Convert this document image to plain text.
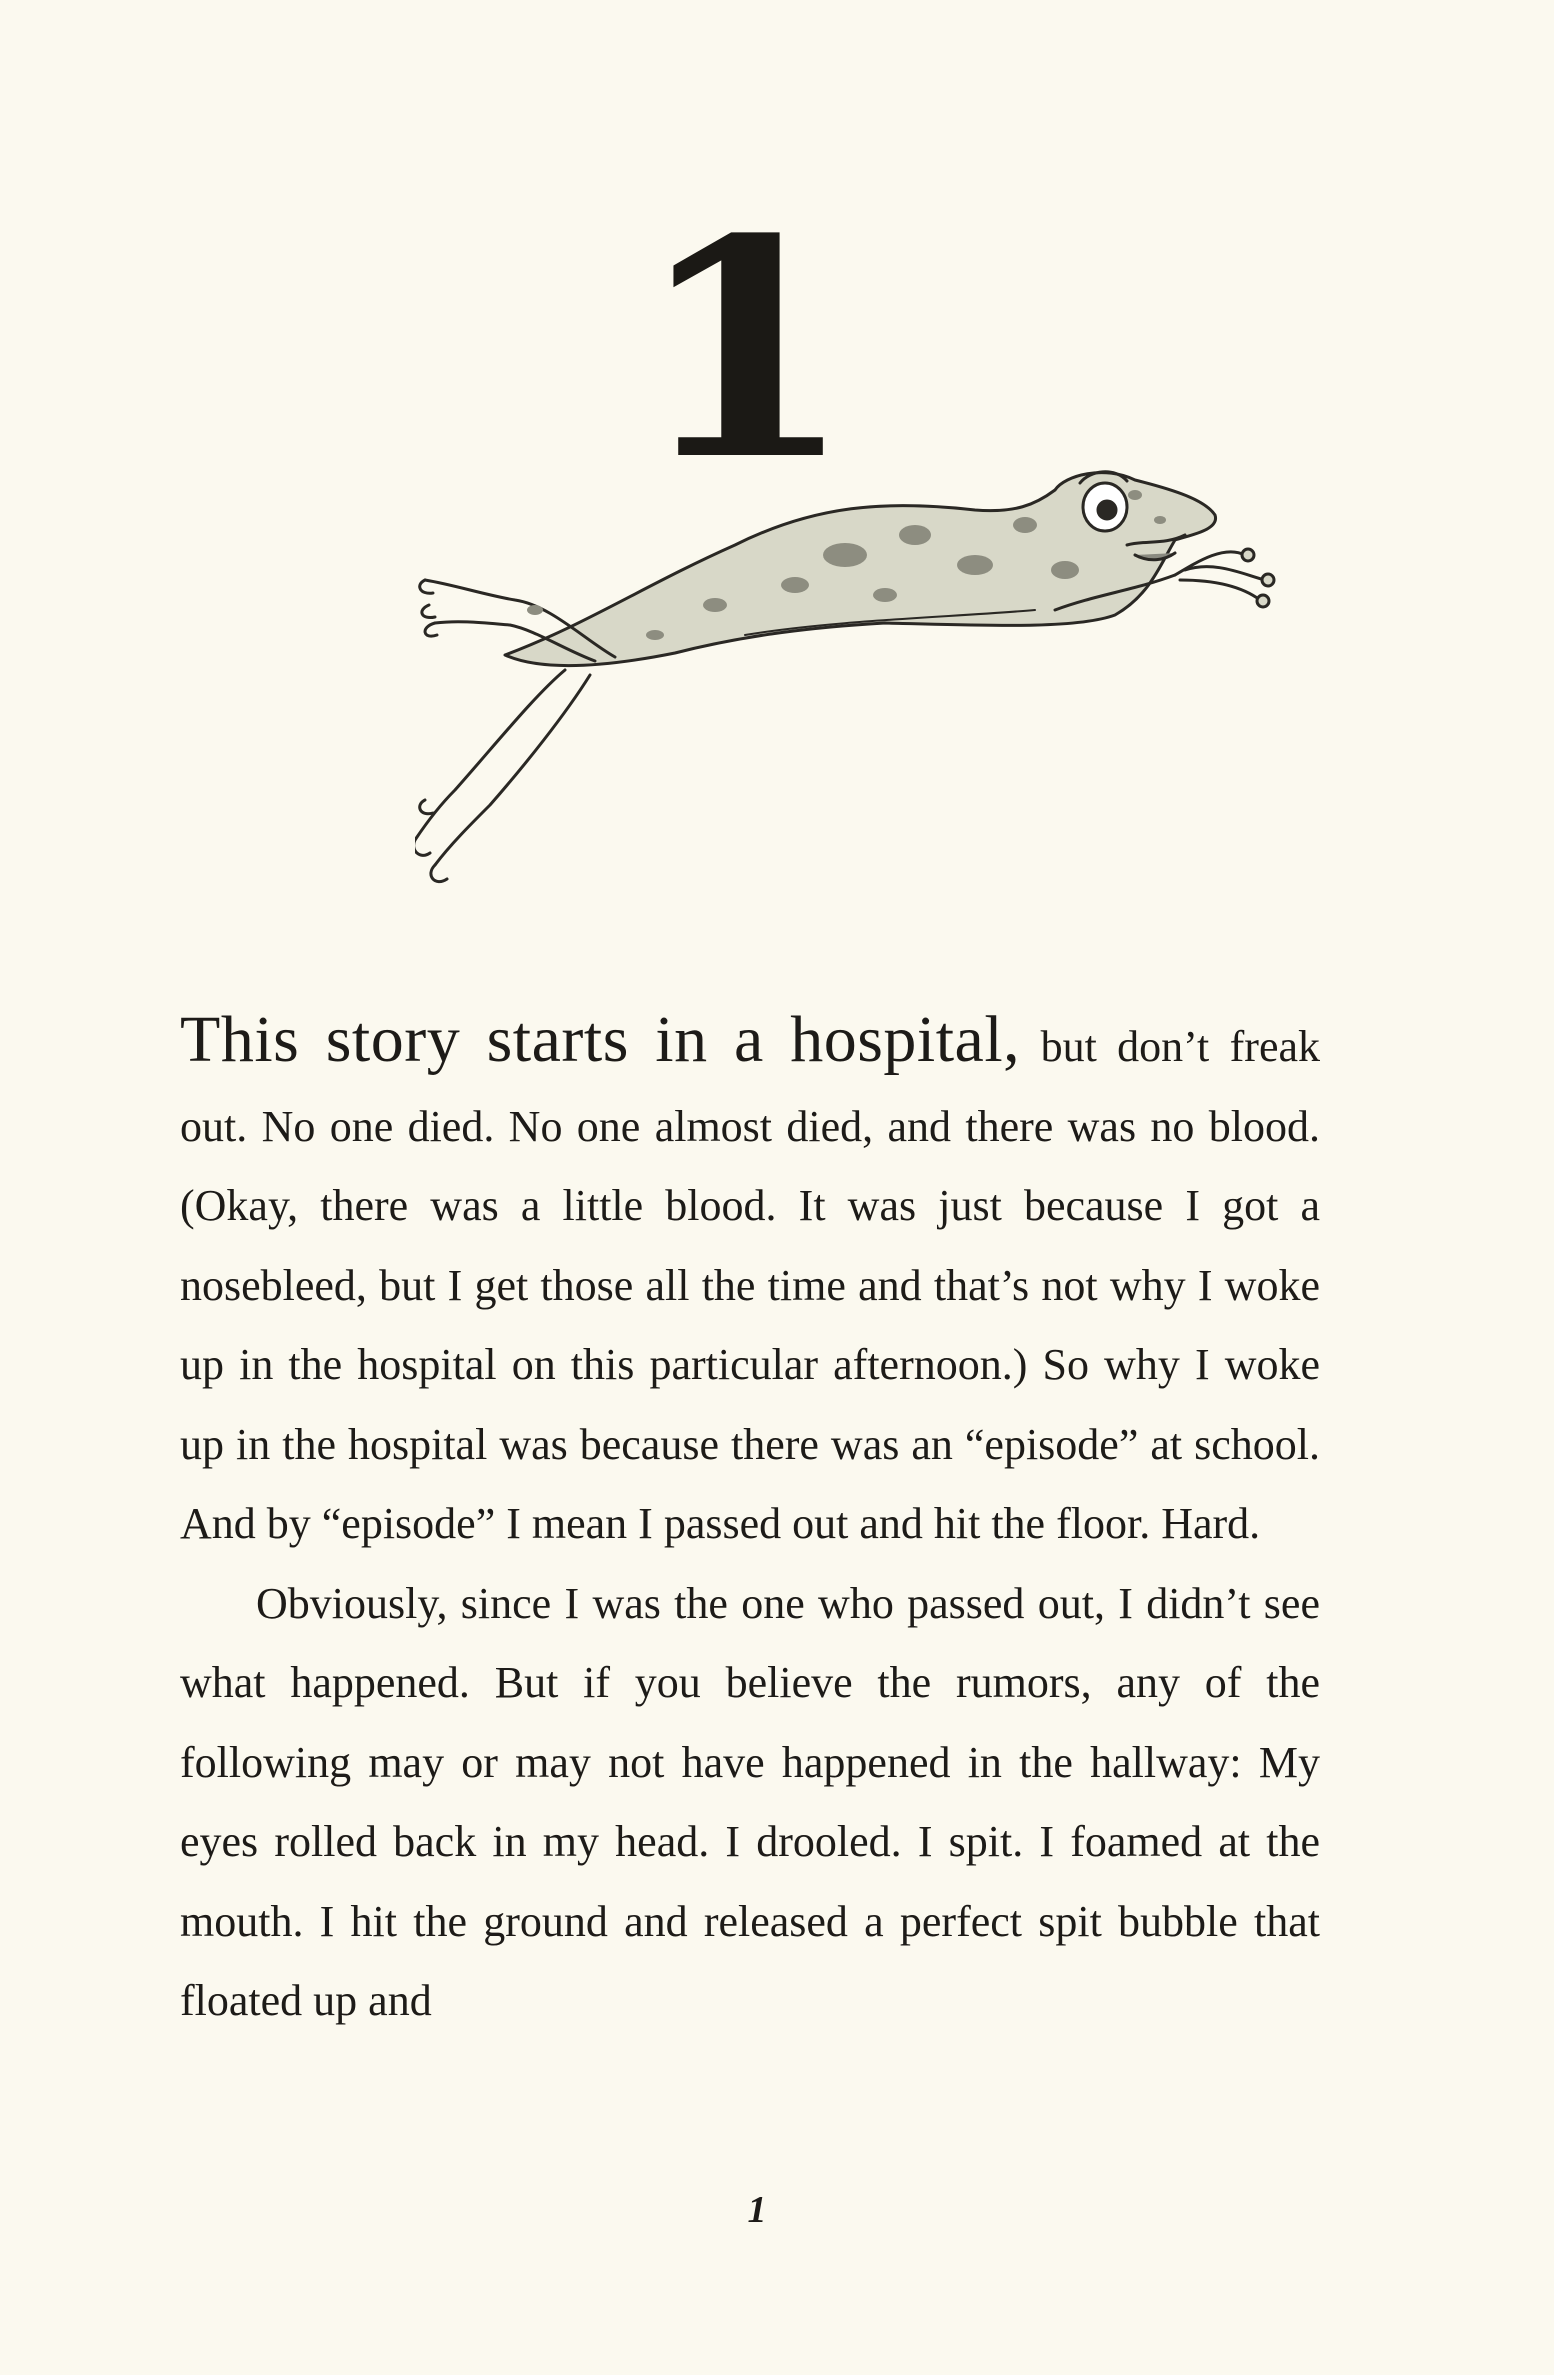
1

This story starts in a hospital, but don’t freak out. No one died. No one almost died, and there was no blood. (Okay, there was a little blood. It was just because I got a nosebleed, but I get those all the time and that’s not why I woke up in the hospital on this particular afternoon.) So why I woke up in the hospital was because there was an “episode” at school. And by “episode” I mean I passed out and hit the floor. Hard.

Obviously, since I was the one who passed out, I didn’t see what happened. But if you believe the rumors, any of the following may or may not have happened in the hallway: My eyes rolled back in my head. I drooled. I spit. I foamed at the mouth. I hit the ground and released a perfect spit bubble that floated up and

1
